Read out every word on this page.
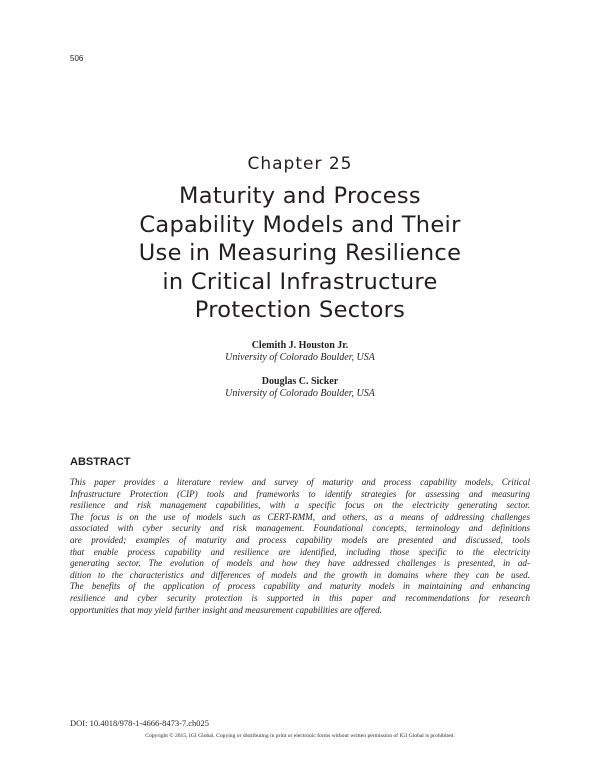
506
Chapter 25
Maturity and Process
Capability Models and Their
Use in Measuring Resilience
in Critical Infrastructure
Protection Sectors
Clemith J. Houston Jr.
University of Colorado Boulder, USA
Douglas C. Sicker
University of Colorado Boulder, USA
ABSTRACT
This paper provides a literature review and survey of maturity and process capability models, Critical
Infrastructure Protection (CIP) tools and frameworks to identify strategies for assessing and measuring
resilience and risk management capabilities, with a specific focus on the electricity generating sector.
The focus is on the use of models such as CERT-RMM, and others, as a means of addressing challenges
associated with cyber security and risk management. Foundational concepts, terminology and definitions
are provided; examples of maturity and process capability models are presented and discussed, tools
that enable process capability and resilience are identified, including those specific to the electricity
generating sector. The evolution of models and how they have addressed challenges is presented, in ad-
dition to the characteristics and differences of models and the growth in domains where they can be used.
The benefits of the application of process capability and maturity models in maintaining and enhancing
resilience and cyber security protection is supported in this paper and recommendations for research
opportunities that may yield further insight and measurement capabilities are offered.
DOI: 10.4018/978-1-4666-8473-7.ch025
Copyright © 2015, IGI Global. Copying or distributing in print or electronic forms without written permission of IGI Global is prohibited.
